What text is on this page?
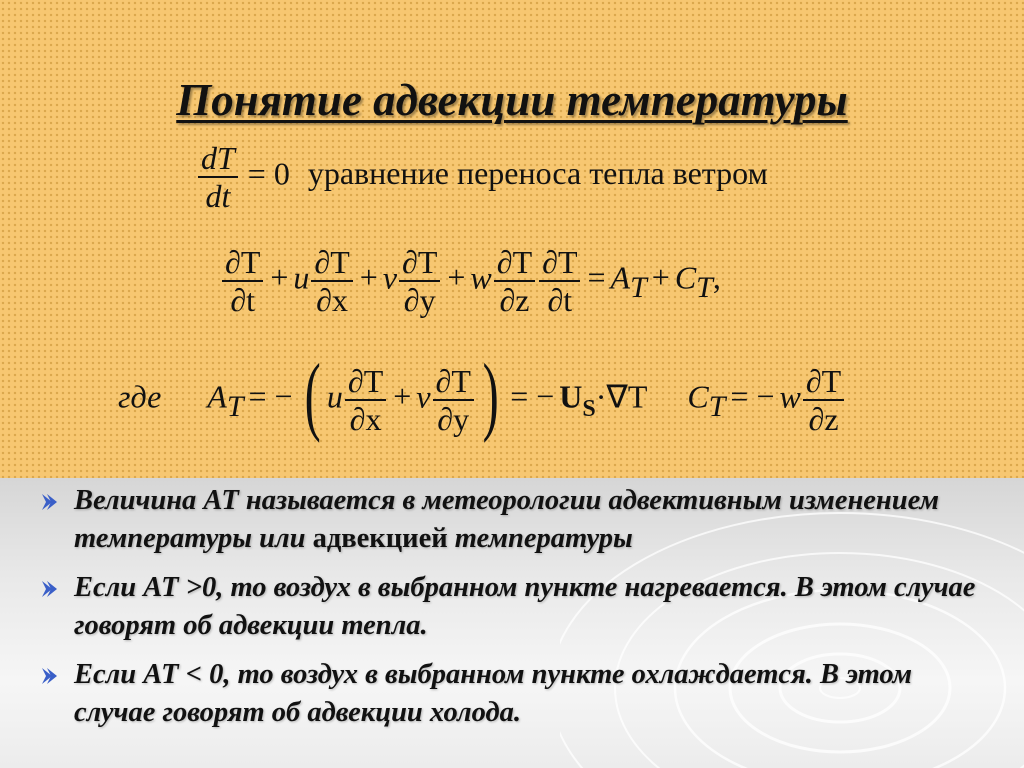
Понятие адвекции температуры
$\frac{dT}{dt} = 0$ уравнение переноса тепла ветром
$\frac{\partial T}{\partial t} + u \frac{\partial T}{\partial x} + v \frac{\partial T}{\partial y} + w \frac{\partial T}{\partial z} \frac{\partial T}{\partial t}$ = AT + CT,
где AT = − ( u $\frac{\partial T}{\partial x} + v \frac{\partial T}{\partial y}$ ) = − $U_S\cdot\nabla T$ CT = − w $\frac{\partial T}{\partial z}$
Величина АТ называется в метеорологии адвективным изменением температуры или адвекцией температуры
Если АТ >0, то воздух в выбранном пункте нагревается. В этом случае говорят об адвекции тепла.
Если АТ < 0, то воздух в выбранном пункте охлаждается. В этом случае говорят об адвекции холода.
